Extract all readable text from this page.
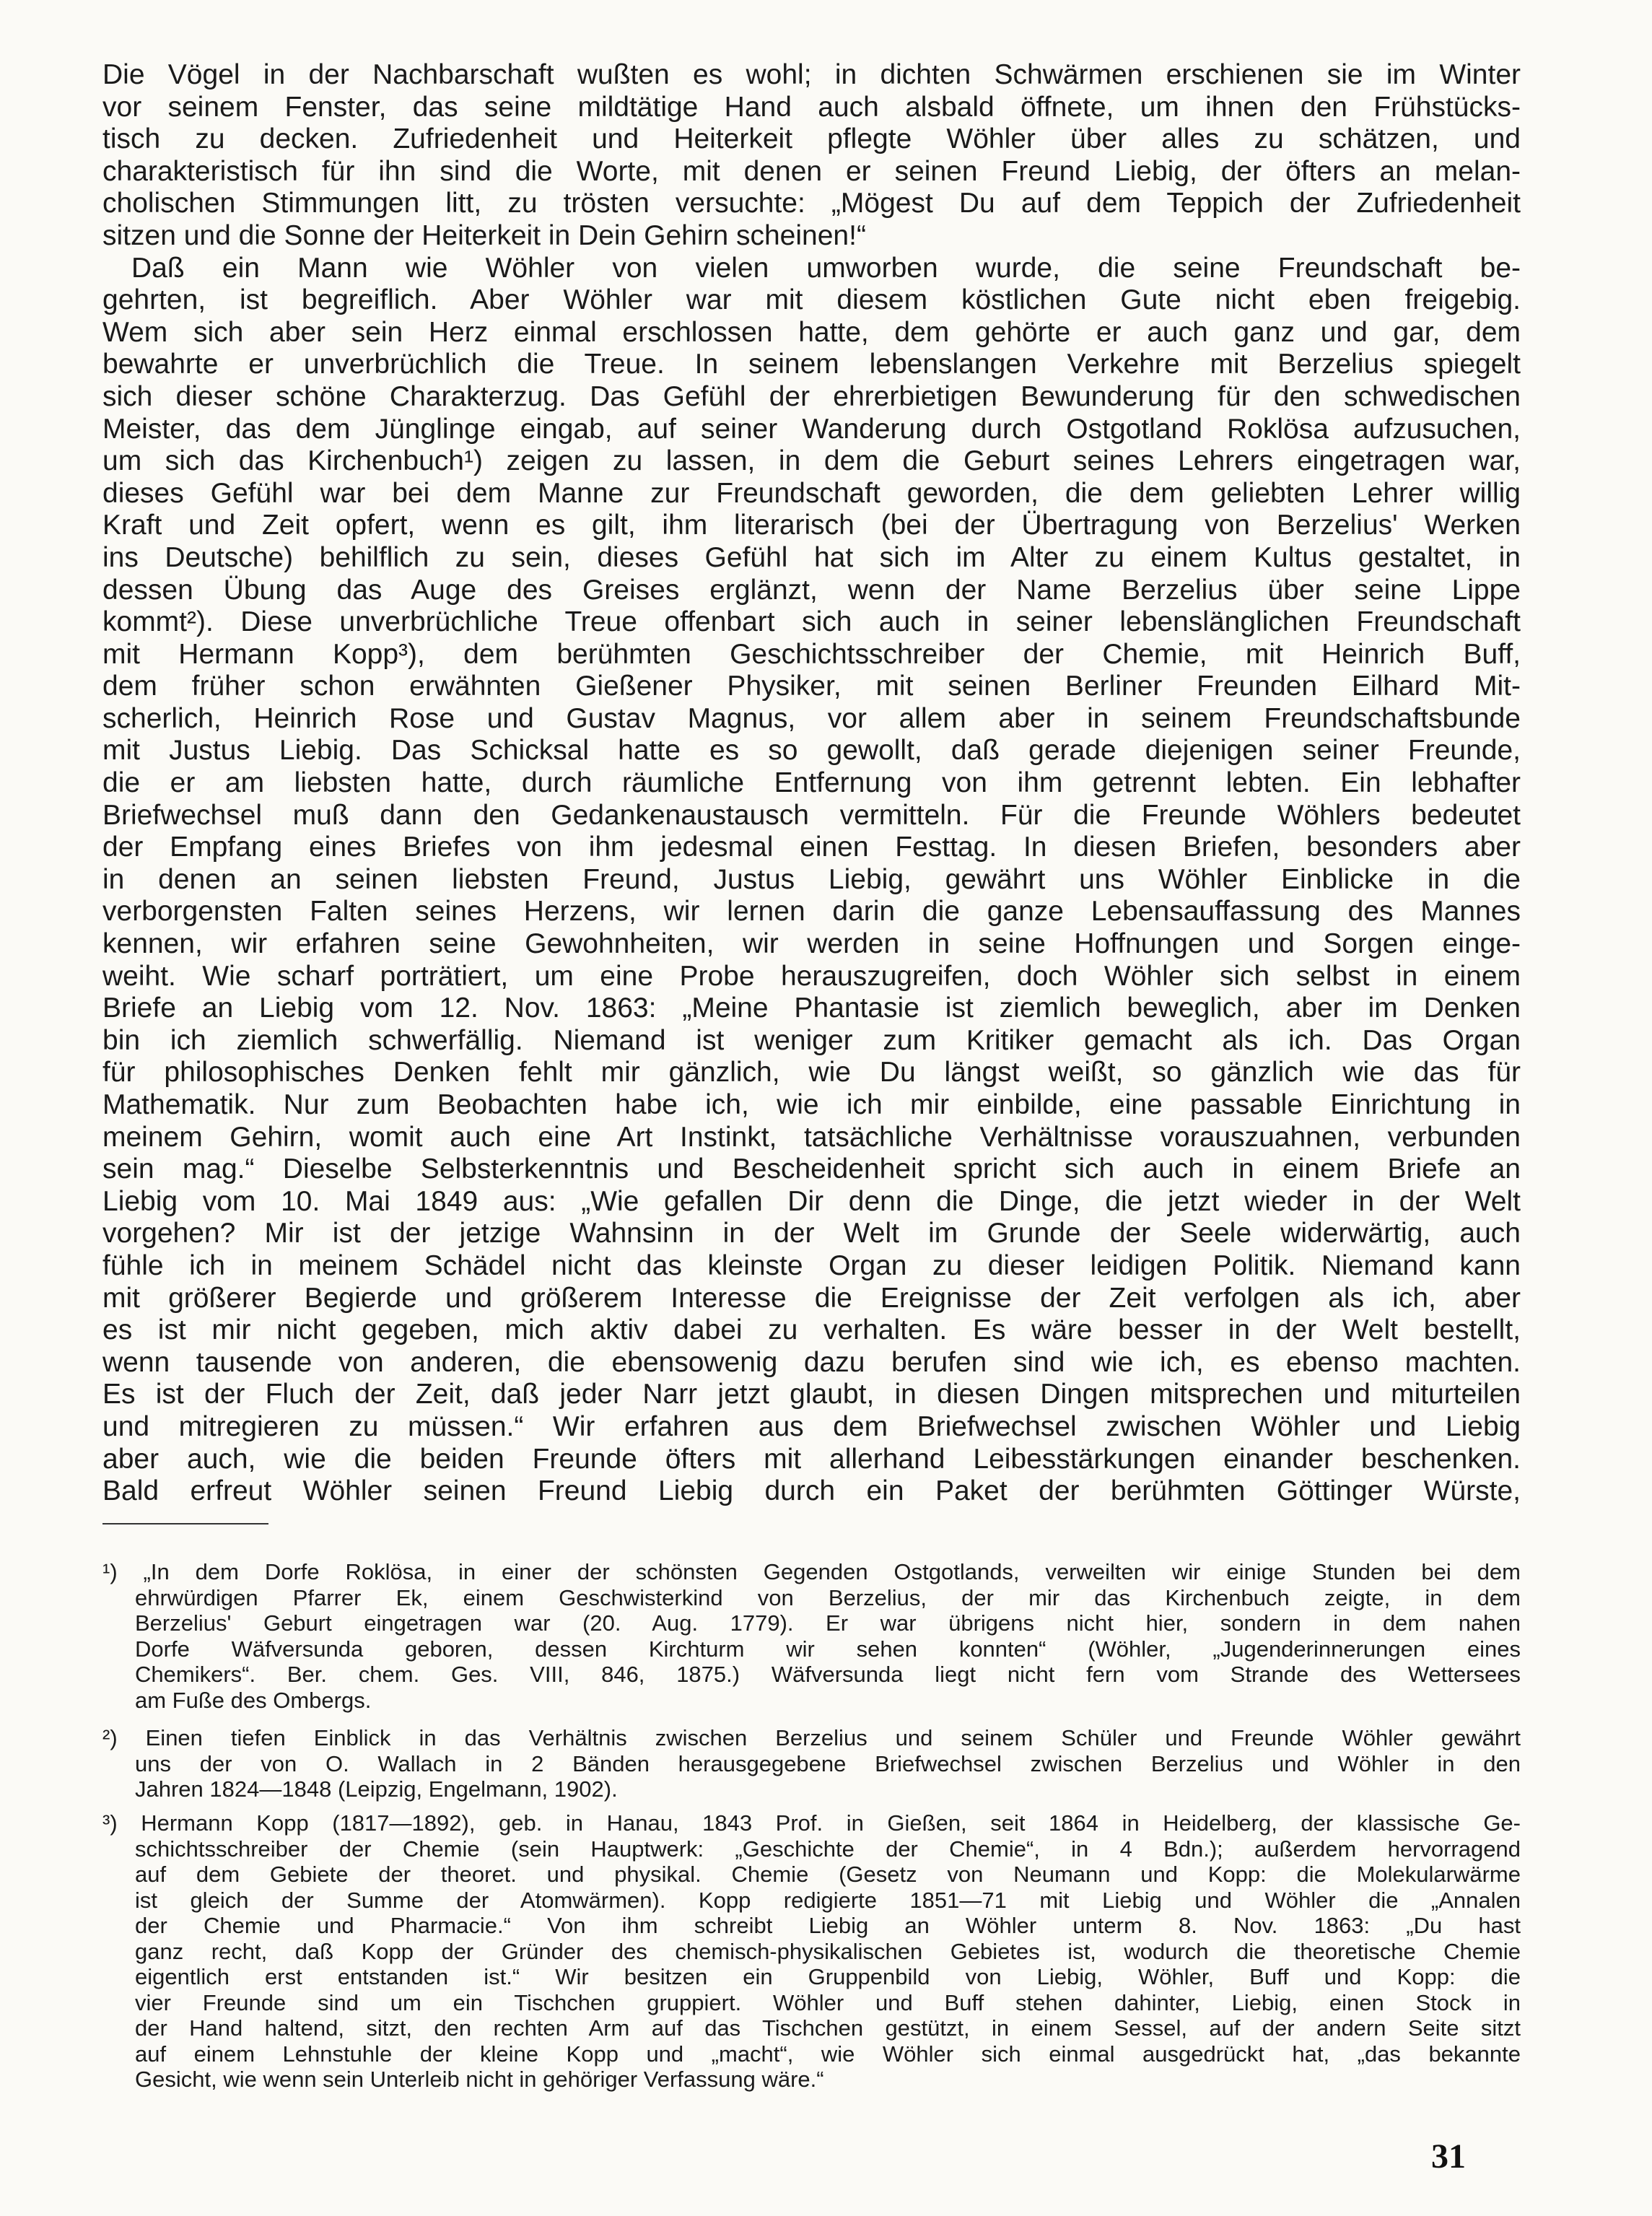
Die Vögel in der Nachbarschaft wußten es wohl; in dichten Schwärmen erschienen sie im Winter
vor seinem Fenster, das seine mildtätige Hand auch alsbald öffnete, um ihnen den Frühstücks-
tisch zu decken. Zufriedenheit und Heiterkeit pflegte Wöhler über alles zu schätzen, und
charakteristisch für ihn sind die Worte, mit denen er seinen Freund Liebig, der öfters an melan-
cholischen Stimmungen litt, zu trösten versuchte: „Mögest Du auf dem Teppich der Zufriedenheit
sitzen und die Sonne der Heiterkeit in Dein Gehirn scheinen!“
Daß ein Mann wie Wöhler von vielen umworben wurde, die seine Freundschaft be-
gehrten, ist begreiflich. Aber Wöhler war mit diesem köstlichen Gute nicht eben freigebig.
Wem sich aber sein Herz einmal erschlossen hatte, dem gehörte er auch ganz und gar, dem
bewahrte er unverbrüchlich die Treue. In seinem lebenslangen Verkehre mit Berzelius spiegelt
sich dieser schöne Charakterzug. Das Gefühl der ehrerbietigen Bewunderung für den schwedischen
Meister, das dem Jünglinge eingab, auf seiner Wanderung durch Ostgotland Roklösa aufzusuchen,
um sich das Kirchenbuch¹) zeigen zu lassen, in dem die Geburt seines Lehrers eingetragen war,
dieses Gefühl war bei dem Manne zur Freundschaft geworden, die dem geliebten Lehrer willig
Kraft und Zeit opfert, wenn es gilt, ihm literarisch (bei der Übertragung von Berzelius' Werken
ins Deutsche) behilflich zu sein, dieses Gefühl hat sich im Alter zu einem Kultus gestaltet, in
dessen Übung das Auge des Greises erglänzt, wenn der Name Berzelius über seine Lippe
kommt²). Diese unverbrüchliche Treue offenbart sich auch in seiner lebenslänglichen Freundschaft
mit Hermann Kopp³), dem berühmten Geschichtsschreiber der Chemie, mit Heinrich Buff,
dem früher schon erwähnten Gießener Physiker, mit seinen Berliner Freunden Eilhard Mit-
scherlich, Heinrich Rose und Gustav Magnus, vor allem aber in seinem Freundschaftsbunde
mit Justus Liebig. Das Schicksal hatte es so gewollt, daß gerade diejenigen seiner Freunde,
die er am liebsten hatte, durch räumliche Entfernung von ihm getrennt lebten. Ein lebhafter
Briefwechsel muß dann den Gedankenaustausch vermitteln. Für die Freunde Wöhlers bedeutet
der Empfang eines Briefes von ihm jedesmal einen Festtag. In diesen Briefen, besonders aber
in denen an seinen liebsten Freund, Justus Liebig, gewährt uns Wöhler Einblicke in die
verborgensten Falten seines Herzens, wir lernen darin die ganze Lebensauffassung des Mannes
kennen, wir erfahren seine Gewohnheiten, wir werden in seine Hoffnungen und Sorgen einge-
weiht. Wie scharf porträtiert, um eine Probe herauszugreifen, doch Wöhler sich selbst in einem
Briefe an Liebig vom 12. Nov. 1863: „Meine Phantasie ist ziemlich beweglich, aber im Denken
bin ich ziemlich schwerfällig. Niemand ist weniger zum Kritiker gemacht als ich. Das Organ
für philosophisches Denken fehlt mir gänzlich, wie Du längst weißt, so gänzlich wie das für
Mathematik. Nur zum Beobachten habe ich, wie ich mir einbilde, eine passable Einrichtung in
meinem Gehirn, womit auch eine Art Instinkt, tatsächliche Verhältnisse vorauszuahnen, verbunden
sein mag.“ Dieselbe Selbsterkenntnis und Bescheidenheit spricht sich auch in einem Briefe an
Liebig vom 10. Mai 1849 aus: „Wie gefallen Dir denn die Dinge, die jetzt wieder in der Welt
vorgehen? Mir ist der jetzige Wahnsinn in der Welt im Grunde der Seele widerwärtig, auch
fühle ich in meinem Schädel nicht das kleinste Organ zu dieser leidigen Politik. Niemand kann
mit größerer Begierde und größerem Interesse die Ereignisse der Zeit verfolgen als ich, aber
es ist mir nicht gegeben, mich aktiv dabei zu verhalten. Es wäre besser in der Welt bestellt,
wenn tausende von anderen, die ebensowenig dazu berufen sind wie ich, es ebenso machten.
Es ist der Fluch der Zeit, daß jeder Narr jetzt glaubt, in diesen Dingen mitsprechen und miturteilen
und mitregieren zu müssen.“ Wir erfahren aus dem Briefwechsel zwischen Wöhler und Liebig
aber auch, wie die beiden Freunde öfters mit allerhand Leibesstärkungen einander beschenken.
Bald erfreut Wöhler seinen Freund Liebig durch ein Paket der berühmten Göttinger Würste,
¹) „In dem Dorfe Roklösa, in einer der schönsten Gegenden Ostgotlands, verweilten wir einige Stunden bei dem
ehrwürdigen Pfarrer Ek, einem Geschwisterkind von Berzelius, der mir das Kirchenbuch zeigte, in dem
Berzelius' Geburt eingetragen war (20. Aug. 1779). Er war übrigens nicht hier, sondern in dem nahen
Dorfe Wäfversunda geboren, dessen Kirchturm wir sehen konnten“ (Wöhler, „Jugenderinnerungen eines
Chemikers“. Ber. chem. Ges. VIII, 846, 1875.) Wäfversunda liegt nicht fern vom Strande des Wettersees
am Fuße des Ombergs.
²) Einen tiefen Einblick in das Verhältnis zwischen Berzelius und seinem Schüler und Freunde Wöhler gewährt
uns der von O. Wallach in 2 Bänden herausgegebene Briefwechsel zwischen Berzelius und Wöhler in den
Jahren 1824—1848 (Leipzig, Engelmann, 1902).
³) Hermann Kopp (1817—1892), geb. in Hanau, 1843 Prof. in Gießen, seit 1864 in Heidelberg, der klassische Ge-
schichtsschreiber der Chemie (sein Hauptwerk: „Geschichte der Chemie“, in 4 Bdn.); außerdem hervorragend
auf dem Gebiete der theoret. und physikal. Chemie (Gesetz von Neumann und Kopp: die Molekularwärme
ist gleich der Summe der Atomwärmen). Kopp redigierte 1851—71 mit Liebig und Wöhler die „Annalen
der Chemie und Pharmacie.“ Von ihm schreibt Liebig an Wöhler unterm 8. Nov. 1863: „Du hast
ganz recht, daß Kopp der Gründer des chemisch-physikalischen Gebietes ist, wodurch die theoretische Chemie
eigentlich erst entstanden ist.“ Wir besitzen ein Gruppenbild von Liebig, Wöhler, Buff und Kopp: die
vier Freunde sind um ein Tischchen gruppiert. Wöhler und Buff stehen dahinter, Liebig, einen Stock in
der Hand haltend, sitzt, den rechten Arm auf das Tischchen gestützt, in einem Sessel, auf der andern Seite sitzt
auf einem Lehnstuhle der kleine Kopp und „macht“, wie Wöhler sich einmal ausgedrückt hat, „das bekannte
Gesicht, wie wenn sein Unterleib nicht in gehöriger Verfassung wäre.“
31
